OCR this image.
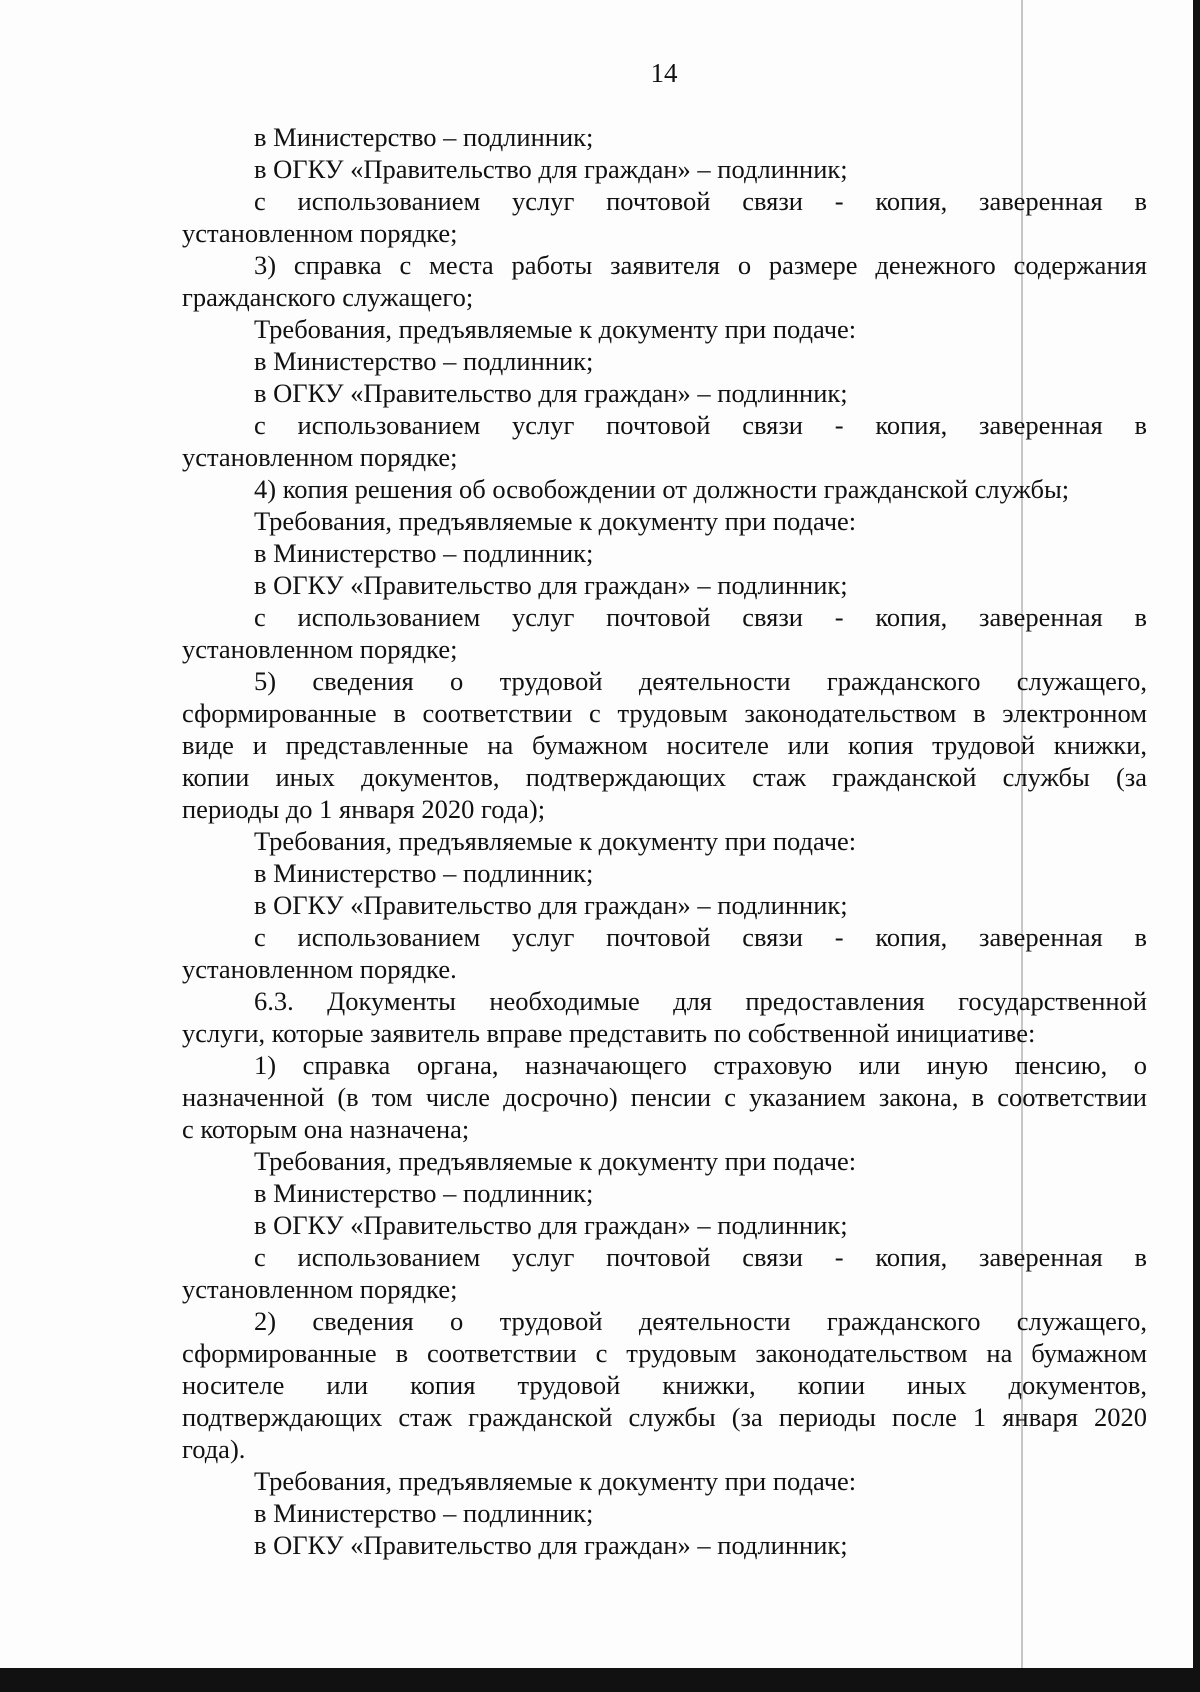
14
в Министерство – подлинник;
в ОГКУ «Правительство для граждан» – подлинник;
с использованием услуг почтовой связи - копия, заверенная в
установленном порядке;
3) справка с места работы заявителя о размере денежного содержания
гражданского служащего;
Требования, предъявляемые к документу при подаче:
в Министерство – подлинник;
в ОГКУ «Правительство для граждан» – подлинник;
с использованием услуг почтовой связи - копия, заверенная в
установленном порядке;
4) копия решения об освобождении от должности гражданской службы;
Требования, предъявляемые к документу при подаче:
в Министерство – подлинник;
в ОГКУ «Правительство для граждан» – подлинник;
с использованием услуг почтовой связи - копия, заверенная в
установленном порядке;
5) сведения о трудовой деятельности гражданского служащего,
сформированные в соответствии с трудовым законодательством в электронном
виде и представленные на бумажном носителе или копия трудовой книжки,
копии иных документов, подтверждающих стаж гражданской службы (за
периоды до 1 января 2020 года);
Требования, предъявляемые к документу при подаче:
в Министерство – подлинник;
в ОГКУ «Правительство для граждан» – подлинник;
с использованием услуг почтовой связи - копия, заверенная в
установленном порядке.
6.3. Документы необходимые для предоставления государственной
услуги, которые заявитель вправе представить по собственной инициативе:
1) справка органа, назначающего страховую или иную пенсию, о
назначенной (в том числе досрочно) пенсии с указанием закона, в соответствии
с которым она назначена;
Требования, предъявляемые к документу при подаче:
в Министерство – подлинник;
в ОГКУ «Правительство для граждан» – подлинник;
с использованием услуг почтовой связи - копия, заверенная в
установленном порядке;
2) сведения о трудовой деятельности гражданского служащего,
сформированные в соответствии с трудовым законодательством на бумажном
носителе или копия трудовой книжки, копии иных документов,
подтверждающих стаж гражданской службы (за периоды после 1 января 2020
года).
Требования, предъявляемые к документу при подаче:
в Министерство – подлинник;
в ОГКУ «Правительство для граждан» – подлинник;
